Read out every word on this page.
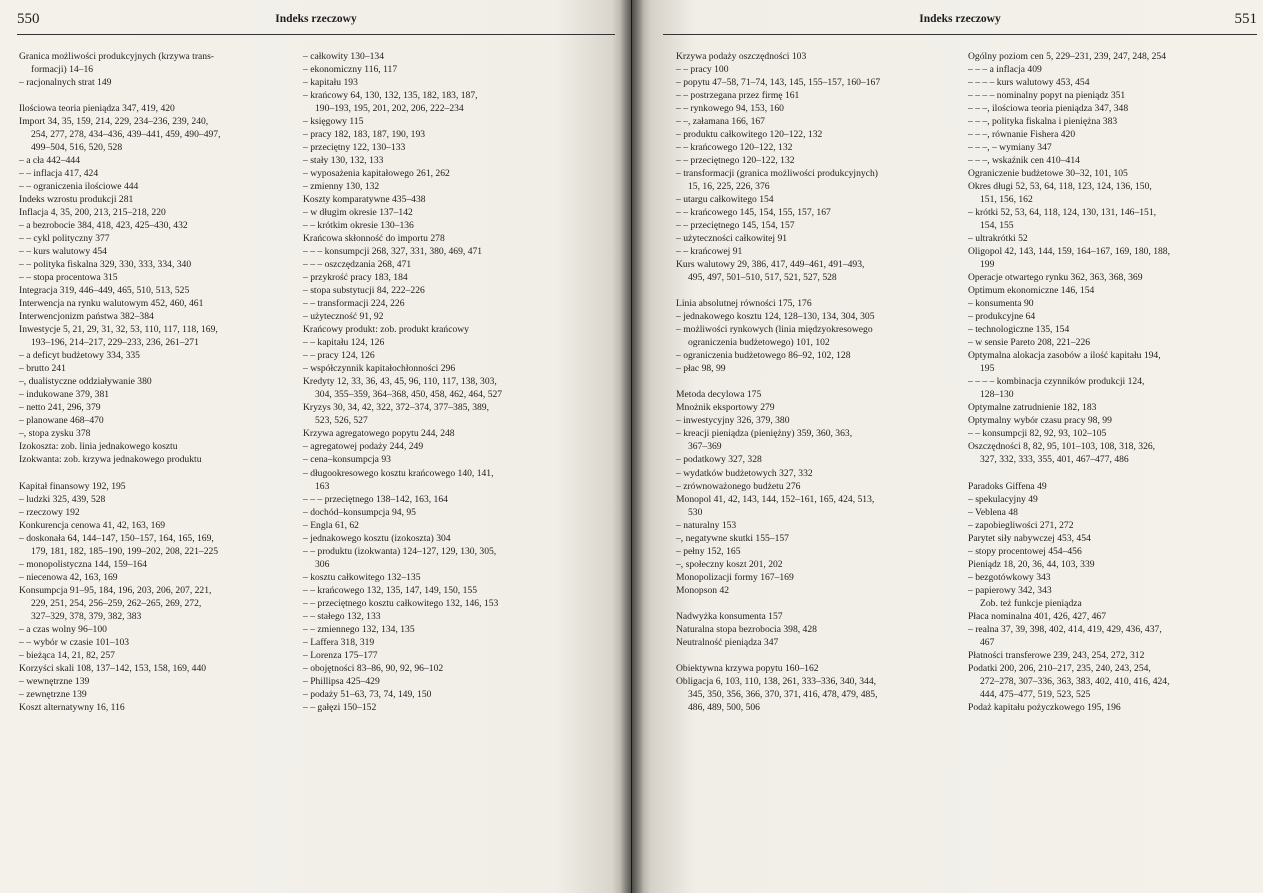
550	Indeks rzeczowy
Granica możliwości produkcyjnych (krzywa trans-
formacji) 14–16
– racjonalnych strat 149
Ilościowa teoria pieniądza 347, 419, 420
Import 34, 35, 159, 214, 229, 234–236, 239, 240,
254, 277, 278, 434–436, 439–441, 459, 490–497,
499–504, 516, 520, 528
– a cła 442–444
– – inflacja 417, 424
– – ograniczenia ilościowe 444
Indeks wzrostu produkcji 281
Inflacja 4, 35, 200, 213, 215–218, 220
– a bezrobocie 384, 418, 423, 425–430, 432
– – cykl polityczny 377
– – kurs walutowy 454
– – polityka fiskalna 329, 330, 333, 334, 340
– – stopa procentowa 315
Integracja 319, 446–449, 465, 510, 513, 525
Interwencja na rynku walutowym 452, 460, 461
Interwencjonizm państwa 382–384
Inwestycje 5, 21, 29, 31, 32, 53, 110, 117, 118, 169,
193–196, 214–217, 229–233, 236, 261–271
– a deficyt budżetowy 334, 335
– brutto 241
–, dualistyczne oddziaływanie 380
– indukowane 379, 381
– netto 241, 296, 379
– planowane 468–470
–, stopa zysku 378
Izokoszta: zob. linia jednakowego kosztu
Izokwanta: zob. krzywa jednakowego produktu
Kapitał finansowy 192, 195
– ludzki 325, 439, 528
– rzeczowy 192
Konkurencja cenowa 41, 42, 163, 169
– doskonała 64, 144–147, 150–157, 164, 165, 169,
179, 181, 182, 185–190, 199–202, 208, 221–225
– monopolistyczna 144, 159–164
– niecenowa 42, 163, 169
Konsumpcja 91–95, 184, 196, 203, 206, 207, 221,
229, 251, 254, 256–259, 262–265, 269, 272,
327–329, 378, 379, 382, 383
– a czas wolny 96–100
– – wybór w czasie 101–103
– bieżąca 14, 21, 82, 257
Korzyści skali 108, 137–142, 153, 158, 169, 440
– wewnętrzne 139
– zewnętrzne 139
Koszt alternatywny 16, 116
– całkowity 130–134
– ekonomiczny 116, 117
– kapitału 193
– krańcowy 64, 130, 132, 135, 182, 183, 187,
190–193, 195, 201, 202, 206, 222–234
– księgowy 115
– pracy 182, 183, 187, 190, 193
– przeciętny 122, 130–133
– stały 130, 132, 133
– wyposażenia kapitałowego 261, 262
– zmienny 130, 132
Koszty komparatywne 435–438
– w długim okresie 137–142
– – krótkim okresie 130–136
Krańcowa skłonność do importu 278
– – – konsumpcji 268, 327, 331, 380, 469, 471
– – – oszczędzania 268, 471
– przykrość pracy 183, 184
– stopa substytucji 84, 222–226
– – transformacji 224, 226
– użyteczność 91, 92
Krańcowy produkt: zob. produkt krańcowy
– – kapitału 124, 126
– – pracy 124, 126
– współczynnik kapitałochłonności 296
Kredyty 12, 33, 36, 43, 45, 96, 110, 117, 138, 303,
304, 355–359, 364–368, 450, 458, 462, 464, 527
Kryzys 30, 34, 42, 322, 372–374, 377–385, 389,
523, 526, 527
Krzywa agregatowego popytu 244, 248
– agregatowej podaży 244, 249
– cena–konsumpcja 93
– długookresowego kosztu krańcowego 140, 141,
163
– – – przeciętnego 138–142, 163, 164
– dochód–konsumpcja 94, 95
– Engla 61, 62
– jednakowego kosztu (izokoszta) 304
– – produktu (izokwanta) 124–127, 129, 130, 305,
306
– kosztu całkowitego 132–135
– – krańcowego 132, 135, 147, 149, 150, 155
– – przeciętnego kosztu całkowitego 132, 146, 153
– – stałego 132, 133
– – zmiennego 132, 134, 135
– Laffera 318, 319
– Lorenza 175–177
– obojętności 83–86, 90, 92, 96–102
– Phillipsa 425–429
– podaży 51–63, 73, 74, 149, 150
– – gałęzi 150–152
Indeks rzeczowy	551
Krzywa podaży oszczędności 103
– – pracy 100
– popytu 47–58, 71–74, 143, 145, 155–157, 160–167
– – postrzegana przez firmę 161
– – rynkowego 94, 153, 160
– –, załamana 166, 167
– produktu całkowitego 120–122, 132
– – krańcowego 120–122, 132
– – przeciętnego 120–122, 132
– transformacji (granica możliwości produkcyjnych)
15, 16, 225, 226, 376
– utargu całkowitego 154
– – krańcowego 145, 154, 155, 157, 167
– – przeciętnego 145, 154, 157
– użyteczności całkowitej 91
– – krańcowej 91
Kurs walutowy 29, 386, 417, 449–461, 491–493,
495, 497, 501–510, 517, 521, 527, 528
Linia absolutnej równości 175, 176
– jednakowego kosztu 124, 128–130, 134, 304, 305
– możliwości rynkowych (linia międzyokresowego
ograniczenia budżetowego) 101, 102
– ograniczenia budżetowego 86–92, 102, 128
– płac 98, 99
Metoda decylowa 175
Mnożnik eksportowy 279
– inwestycyjny 326, 379, 380
– kreacji pieniądza (pieniężny) 359, 360, 363,
367–369
– podatkowy 327, 328
– wydatków budżetowych 327, 332
– zrównoważonego budżetu 276
Monopol 41, 42, 143, 144, 152–161, 165, 424, 513,
530
– naturalny 153
–, negatywne skutki 155–157
– pełny 152, 165
–, społeczny koszt 201, 202
Monopolizacji formy 167–169
Monopson 42
Nadwyżka konsumenta 157
Naturalna stopa bezrobocia 398, 428
Neutralność pieniądza 347
Obiektywna krzywa popytu 160–162
Obligacja 6, 103, 110, 138, 261, 333–336, 340, 344,
345, 350, 356, 366, 370, 371, 416, 478, 479, 485,
486, 489, 500, 506
Ogólny poziom cen 5, 229–231, 239, 247, 248, 254
– – – a inflacja 409
– – – – kurs walutowy 453, 454
– – – – nominalny popyt na pieniądz 351
– – –, ilościowa teoria pieniądza 347, 348
– – –, polityka fiskalna i pieniężna 383
– – –, równanie Fishera 420
– – –, – wymiany 347
– – –, wskaźnik cen 410–414
Ograniczenie budżetowe 30–32, 101, 105
Okres długi 52, 53, 64, 118, 123, 124, 136, 150,
151, 156, 162
– krótki 52, 53, 64, 118, 124, 130, 131, 146–151,
154, 155
– ultrakrótki 52
Oligopol 42, 143, 144, 159, 164–167, 169, 180, 188,
199
Operacje otwartego rynku 362, 363, 368, 369
Optimum ekonomiczne 146, 154
– konsumenta 90
– produkcyjne 64
– technologiczne 135, 154
– w sensie Pareto 208, 221–226
Optymalna alokacja zasobów a ilość kapitału 194,
195
– – – – kombinacja czynników produkcji 124,
128–130
Optymalne zatrudnienie 182, 183
Optymalny wybór czasu pracy 98, 99
– – konsumpcji 82, 92, 93, 102–105
Oszczędności 8, 82, 95, 101–103, 108, 318, 326,
327, 332, 333, 355, 401, 467–477, 486
Paradoks Giffena 49
– spekulacyjny 49
– Veblena 48
– zapobiegliwości 271, 272
Parytet siły nabywczej 453, 454
– stopy procentowej 454–456
Pieniądz 18, 20, 36, 44, 103, 339
– bezgotówkowy 343
– papierowy 342, 343
Zob. też funkcje pieniądza
Płaca nominalna 401, 426, 427, 467
– realna 37, 39, 398, 402, 414, 419, 429, 436, 437,
467
Płatności transferowe 239, 243, 254, 272, 312
Podatki 200, 206, 210–217, 235, 240, 243, 254,
272–278, 307–336, 363, 383, 402, 410, 416, 424,
444, 475–477, 519, 523, 525
Podaż kapitału pożyczkowego 195, 196
